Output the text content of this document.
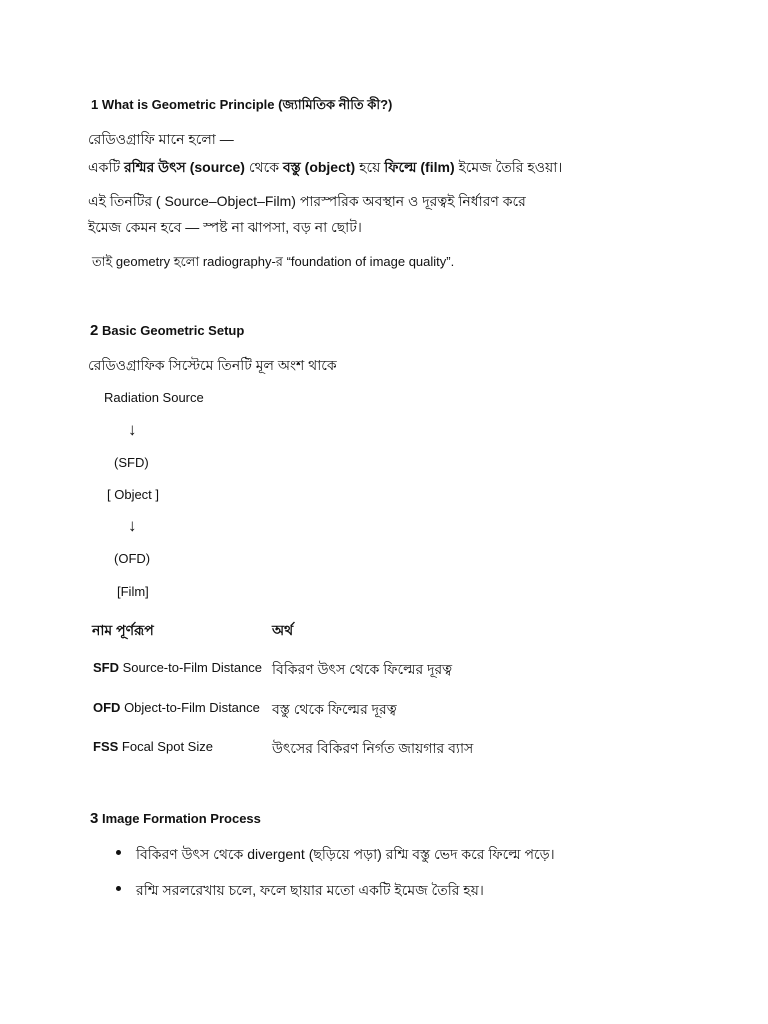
1 What is Geometric Principle (জ্যামিতিক নীতি কী?)
রেডিওগ্রাফি মানে হলো —
একটি রশ্মির উৎস (source) থেকে বস্তু (object) হয়ে ফিল্মে (film) ইমেজ তৈরি হওয়া।
এই তিনটির ( Source–Object–Film) পারস্পরিক অবস্থান ও দূরত্বই নির্ধারণ করে
ইমেজ কেমন হবে — স্পষ্ট না ঝাপসা, বড় না ছোট।
তাই geometry হলো radiography-র “foundation of image quality”.
2 Basic Geometric Setup
রেডিওগ্রাফিক সিস্টেমে তিনটি মূল অংশ থাকে
Radiation Source
↓
(SFD)
[ Object ]
↓
(OFD)
[Film]
নাম পূর্ণরূপ	অর্থ
SFD Source-to-Film Distance বিকিরণ উৎস থেকে ফিল্মের দূরত্ব
OFD Object-to-Film Distance বস্তু থেকে ফিল্মের দূরত্ব
FSS Focal Spot Size	উৎসের বিকিরণ নির্গত জায়গার ব্যাস
3 Image Formation Process
বিকিরণ উৎস থেকে divergent (ছড়িয়ে পড়া) রশ্মি বস্তু ভেদ করে ফিল্মে পড়ে।
রশ্মি সরলরেখায় চলে, ফলে ছায়ার মতো একটি ইমেজ তৈরি হয়।
